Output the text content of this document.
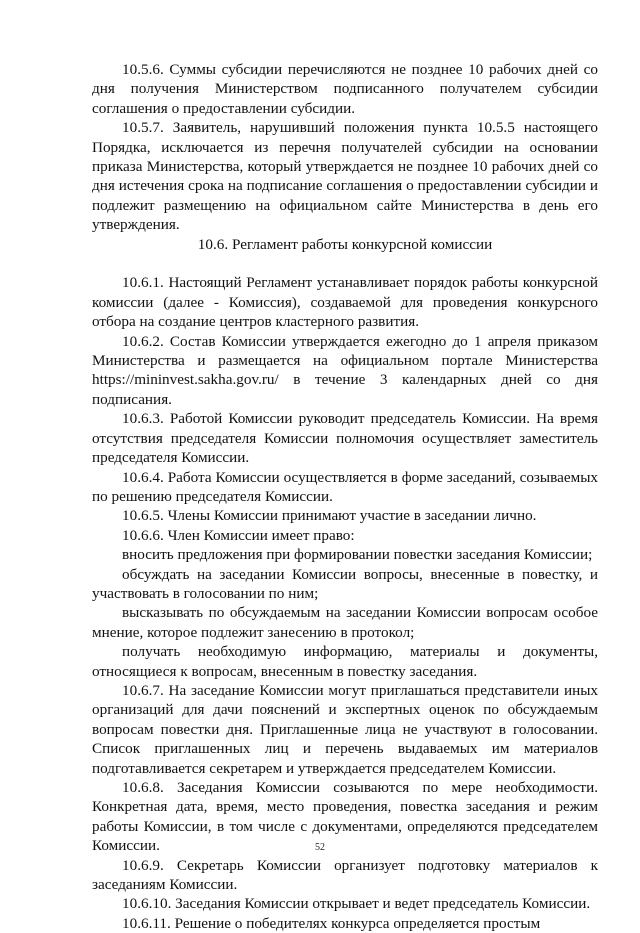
10.5.6. Суммы субсидии перечисляются не позднее 10 рабочих дней со дня получения Министерством подписанного получателем субсидии соглашения о предоставлении субсидии.

10.5.7. Заявитель, нарушивший положения пункта 10.5.5 настоящего Порядка, исключается из перечня получателей субсидии на основании приказа Министерства, который утверждается не позднее 10 рабочих дней со дня истечения срока на подписание соглашения о предоставлении субсидии и подлежит размещению на официальном сайте Министерства в день его утверждения.

10.6. Регламент работы конкурсной комиссии

10.6.1. Настоящий Регламент устанавливает порядок работы конкурсной комиссии (далее - Комиссия), создаваемой для проведения конкурсного отбора на создание центров кластерного развития.

10.6.2. Состав Комиссии утверждается ежегодно до 1 апреля приказом Министерства и размещается на официальном портале Министерства https://mininvest.sakha.gov.ru/ в течение 3 календарных дней со дня подписания.

10.6.3. Работой Комиссии руководит председатель Комиссии. На время отсутствия председателя Комиссии полномочия осуществляет заместитель председателя Комиссии.

10.6.4. Работа Комиссии осуществляется в форме заседаний, созываемых по решению председателя Комиссии.

10.6.5. Члены Комиссии принимают участие в заседании лично.

10.6.6. Член Комиссии имеет право:

вносить предложения при формировании повестки заседания Комиссии;

обсуждать на заседании Комиссии вопросы, внесенные в повестку, и участвовать в голосовании по ним;

высказывать по обсуждаемым на заседании Комиссии вопросам особое мнение, которое подлежит занесению в протокол;

получать необходимую информацию, материалы и документы, относящиеся к вопросам, внесенным в повестку заседания.

10.6.7. На заседание Комиссии могут приглашаться представители иных организаций для дачи пояснений и экспертных оценок по обсуждаемым вопросам повестки дня. Приглашенные лица не участвуют в голосовании. Список приглашенных лиц и перечень выдаваемых им материалов подготавливается секретарем и утверждается председателем Комиссии.

10.6.8. Заседания Комиссии созываются по мере необходимости. Конкретная дата, время, место проведения, повестка заседания и режим работы Комиссии, в том числе с документами, определяются председателем Комиссии.

10.6.9. Секретарь Комиссии организует подготовку материалов к заседаниям Комиссии.

10.6.10. Заседания Комиссии открывает и ведет председатель Комиссии.

10.6.11. Решение о победителях конкурса определяется простым

52
